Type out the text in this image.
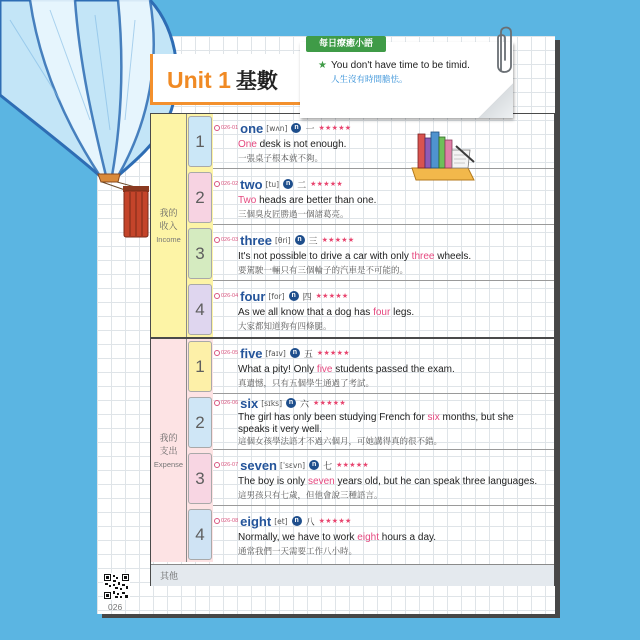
Unit 1 基數
每日療癒小語
★ You don't have time to be timid.
人生沒有時間膽怯。
我的收入
Income
我的支出
Expense
1
026-01 one [wʌn] n 一 ★★★★★
One desk is not enough.
一張桌子根本就不夠。
2
026-02 two [tu] n 二 ★★★★★
Two heads are better than one.
三個臭皮匠勝過一個諸葛亮。
3
026-03 three [θri] n 三 ★★★★★
It's not possible to drive a car with only three wheels.
要駕駛一輛只有三個輪子的汽車是不可能的。
4
026-04 four [for] n 四 ★★★★★
As we all know that a dog has four legs.
大家都知道狗有四條腿。
1
026-05 five [faɪv] n 五 ★★★★★
What a pity! Only five students passed the exam.
真遺憾，只有五個學生通過了考試。
2
026-06 six [sɪks] n 六 ★★★★★
The girl has only been studying French for six months, but she speaks it very well.
這個女孩學法語才不過六個月，可她講得真的很不錯。
3
026-07 seven [ˈsɛvn] n 七 ★★★★★
The boy is only seven years old, but he can speak three languages.
這男孩只有七歲，但他會說三種語言。
4
026-08 eight [et] n 八 ★★★★★
Normally, we have to work eight hours a day.
通常我們一天需要工作八小時。
其他
026
